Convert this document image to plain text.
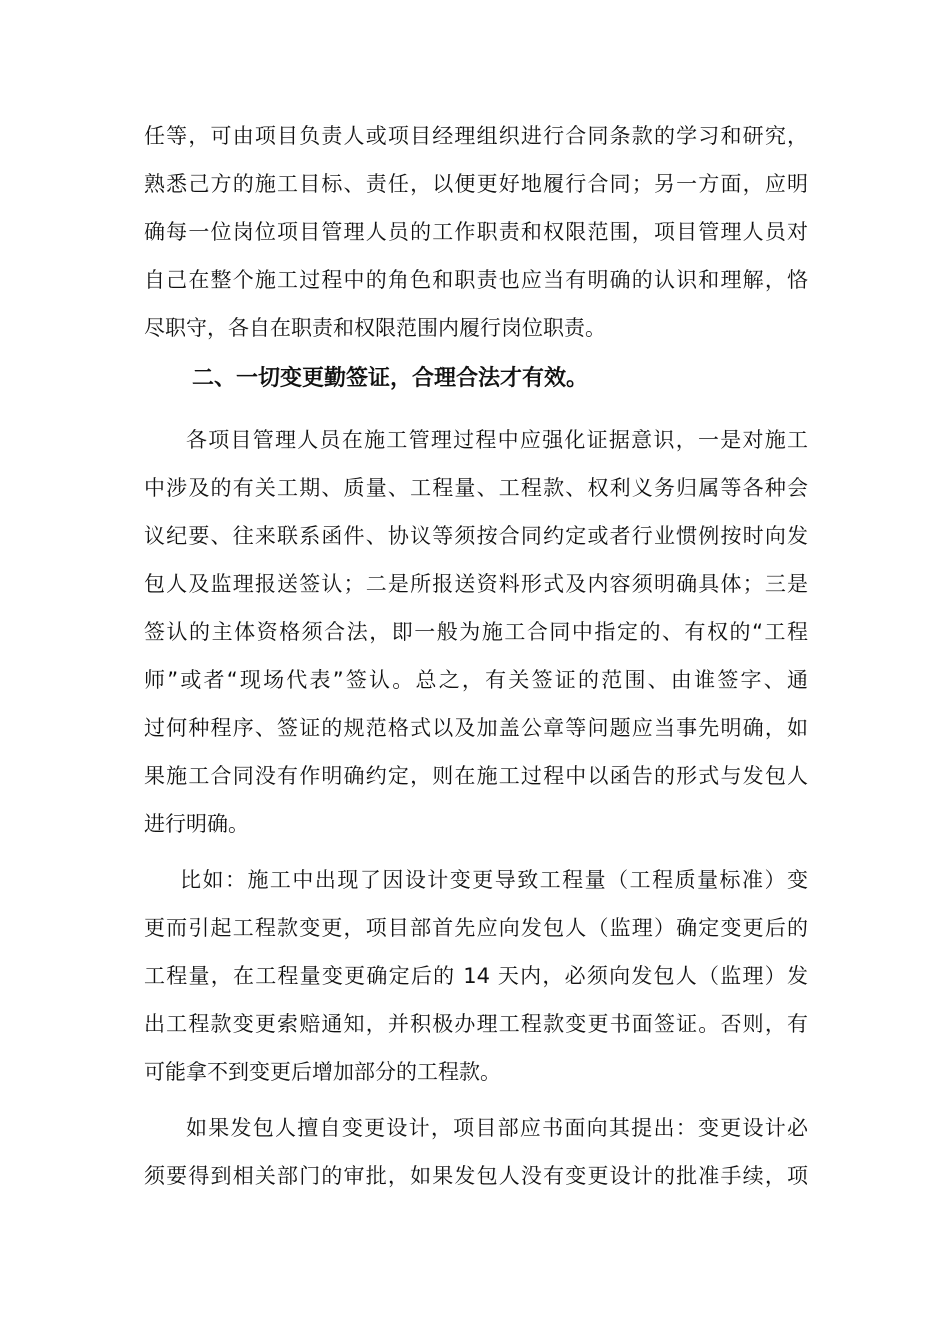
任等，可由项目负责人或项目经理组织进行合同条款的学习和研究，
熟悉己方的施工目标、责任，以便更好地履行合同；另一方面，应明
确每一位岗位项目管理人员的工作职责和权限范围，项目管理人员对
自己在整个施工过程中的角色和职责也应当有明确的认识和理解，恪
尽职守，各自在职责和权限范围内履行岗位职责。
二、一切变更勤签证，合理合法才有效。
各项目管理人员在施工管理过程中应强化证据意识，一是对施工
中涉及的有关工期、质量、工程量、工程款、权利义务归属等各种会
议纪要、往来联系函件、协议等须按合同约定或者行业惯例按时向发
包人及监理报送签认；二是所报送资料形式及内容须明确具体；三是
签认的主体资格须合法，即一般为施工合同中指定的、有权的“工程
师”或者“现场代表”签认。总之，有关签证的范围、由谁签字、通
过何种程序、签证的规范格式以及加盖公章等问题应当事先明确，如
果施工合同没有作明确约定，则在施工过程中以函告的形式与发包人
进行明确。
比如：施工中出现了因设计变更导致工程量（工程质量标准）变
更而引起工程款变更，项目部首先应向发包人（监理）确定变更后的
工程量，在工程量变更确定后的 14 天内，必须向发包人（监理）发
出工程款变更索赔通知，并积极办理工程款变更书面签证。否则，有
可能拿不到变更后增加部分的工程款。
如果发包人擅自变更设计，项目部应书面向其提出：变更设计必
须要得到相关部门的审批，如果发包人没有变更设计的批准手续，项
